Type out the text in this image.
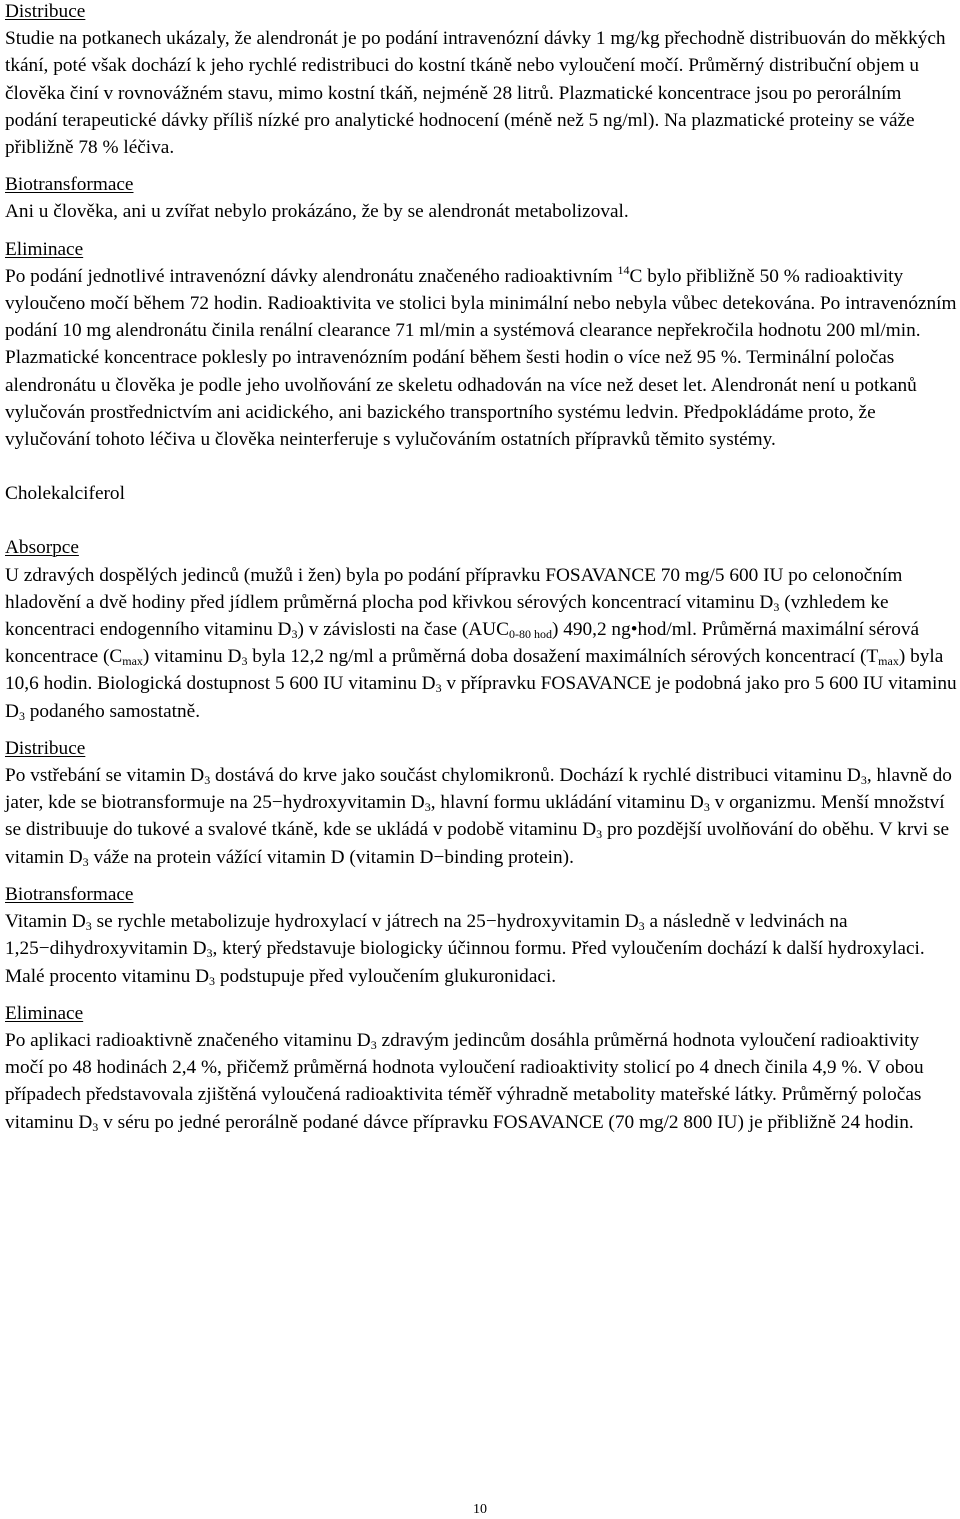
Distribuce

Studie na potkanech ukázaly, že alendronát je po podání intravenózní dávky 1 mg/kg přechodně distribuován do měkkých tkání, poté však dochází k jeho rychlé redistribuci do kostní tkáně nebo vyloučení močí. Průměrný distribuční objem u člověka činí v rovnovážném stavu, mimo kostní tkáň, nejméně 28 litrů. Plazmatické koncentrace jsou po perorálním podání terapeutické dávky příliš nízké pro analytické hodnocení (méně než 5 ng/ml). Na plazmatické proteiny se váže přibližně 78 % léčiva.

Biotransformace

Ani u člověka, ani u zvířat nebylo prokázáno, že by se alendronát metabolizoval.

Eliminace

Po podání jednotlivé intravenózní dávky alendronátu značeného radioaktivním $^{14}$C bylo přibližně 50 % radioaktivity vyloučeno močí během 72 hodin. Radioaktivita ve stolici byla minimální nebo nebyla vůbec detekována. Po intravenózním podání 10 mg alendronátu činila renální clearance 71 ml/min a systémová clearance nepřekročila hodnotu 200 ml/min. Plazmatické koncentrace poklesly po intravenózním podání během šesti hodin o více než 95 %. Terminální poločas alendronátu u člověka je podle jeho uvolňování ze skeletu odhadován na více než deset let. Alendronát není u potkanů vylučován prostřednictvím ani acidického, ani bazického transportního systému ledvin. Předpokládáme proto, že vylučování tohoto léčiva u člověka neinterferuje s vylučováním ostatních přípravků těmito systémy.

Cholekalciferol

Absorpce

U zdravých dospělých jedinců (mužů i žen) byla po podání přípravku FOSAVANCE 70 mg/5 600 IU po celonočním hladovění a dvě hodiny před jídlem průměrná plocha pod křivkou sérových koncentrací vitaminu $D_3$ (vzhledem ke koncentraci endogenního vitaminu $D_3$) v závislosti na čase $(AUC_{0-80 hod})$ 490,2 ng•hod/ml. Průměrná maximální sérová koncentrace $(C_{max})$ vitaminu $D_3$ byla 12,2 ng/ml a průměrná doba dosažení maximálních sérových koncentrací $(T_{max})$ byla 10,6 hodin. Biologická dostupnost 5 600 IU vitaminu $D_3$ v přípravku FOSAVANCE je podobná jako pro 5 600 IU vitaminu $D_3$ podaného samostatně.

Distribuce

Po vstřebání se vitamin $D_3$ dostává do krve jako součást chylomikronů. Dochází k rychlé distribuci vitaminu $D_3$, hlavně do jater, kde se biotransformuje na 25−hydroxyvitamin $D_3$, hlavní formu ukládání vitaminu $D_3$ v organizmu. Menší množství se distribuuje do tukové a svalové tkáně, kde se ukládá v podobě vitaminu $D_3$ pro pozdější uvolňování do oběhu. V krvi se vitamin $D_3$ váže na protein vážící vitamin D (vitamin D−binding protein).

Biotransformace

Vitamin $D_3$ se rychle metabolizuje hydroxylací v játrech na 25−hydroxyvitamin $D_3$ a následně v ledvinách na 1,25−dihydroxyvitamin $D_3$, který představuje biologicky účinnou formu. Před vyloučením dochází k další hydroxylaci. Malé procento vitaminu $D_3$ podstupuje před vyloučením glukuronidaci.

Eliminace

Po aplikaci radioaktivně značeného vitaminu $D_3$ zdravým jedincům dosáhla průměrná hodnota vyloučení radioaktivity močí po 48 hodinách 2,4 %, přičemž průměrná hodnota vyloučení radioaktivity stolicí po 4 dnech činila 4,9 %. V obou případech představovala zjištěná vyloučená radioaktivita téměř výhradně metabolity mateřské látky. Průměrný poločas vitaminu $D_3$ v séru po jedné perorálně podané dávce přípravku FOSAVANCE (70 mg/2 800 IU) je přibližně 24 hodin.

10
